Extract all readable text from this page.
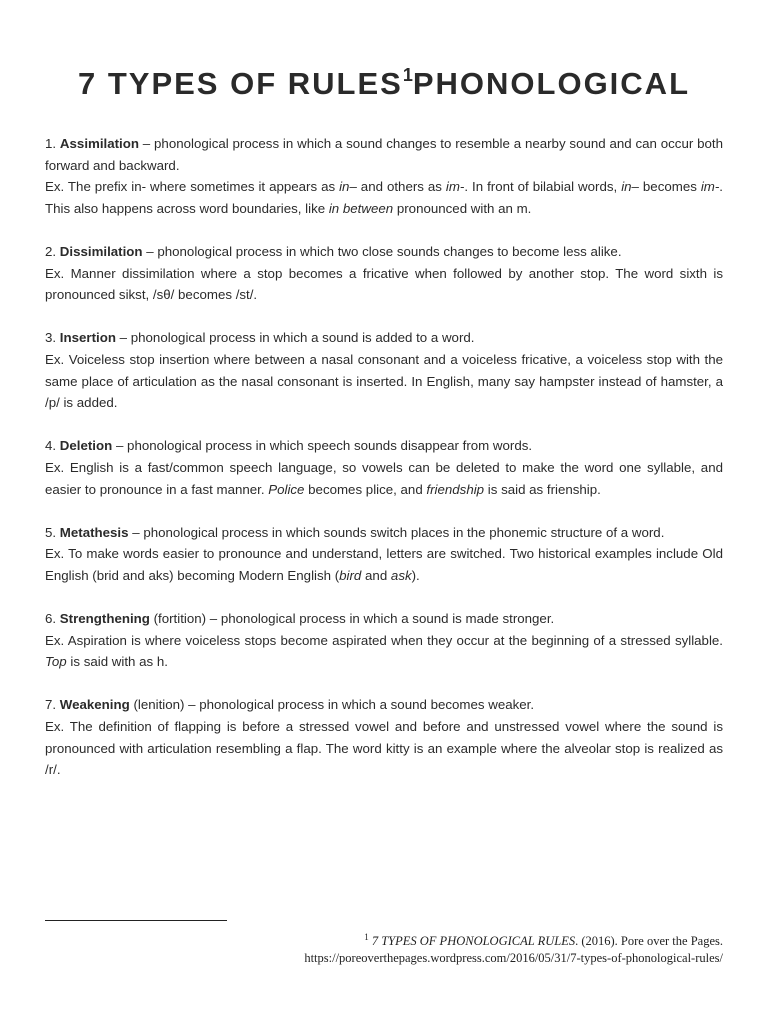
7 TYPES OF RULES$^1$PHONOLOGICAL

1. Assimilation – phonological process in which a sound changes to resemble a nearby sound and can occur both forward and backward.

Ex. The prefix in- where sometimes it appears as in– and others as im-. In front of bilabial words, in– becomes im-. This also happens across word boundaries, like in between pronounced with an m.

2. Dissimilation – phonological process in which two close sounds changes to become less alike.

Ex. Manner dissimilation where a stop becomes a fricative when followed by another stop. The word sixth is pronounced sikst, /sθ/ becomes /st/.

3. Insertion – phonological process in which a sound is added to a word.

Ex. Voiceless stop insertion where between a nasal consonant and a voiceless fricative, a voiceless stop with the same place of articulation as the nasal consonant is inserted. In English, many say hampster instead of hamster, a /p/ is added.

4. Deletion – phonological process in which speech sounds disappear from words.

Ex. English is a fast/common speech language, so vowels can be deleted to make the word one syllable, and easier to pronounce in a fast manner. Police becomes plice, and friendship is said as frienship.

5. Metathesis – phonological process in which sounds switch places in the phonemic structure of a word.

Ex. To make words easier to pronounce and understand, letters are switched. Two historical examples include Old English (brid and aks) becoming Modern English (bird and ask).

6. Strengthening (fortition) – phonological process in which a sound is made stronger.

Ex. Aspiration is where voiceless stops become aspirated when they occur at the beginning of a stressed syllable. Top is said with as h.

7. Weakening (lenition) – phonological process in which a sound becomes weaker.

Ex. The definition of flapping is before a stressed vowel and before and unstressed vowel where the sound is pronounced with articulation resembling a flap. The word kitty is an example where the alveolar stop is realized as /r/.

$^1$ 7 TYPES OF PHONOLOGICAL RULES. (2016). Pore over the Pages.
https://poreoverthepages.wordpress.com/2016/05/31/7-types-of-phonological-rules/
